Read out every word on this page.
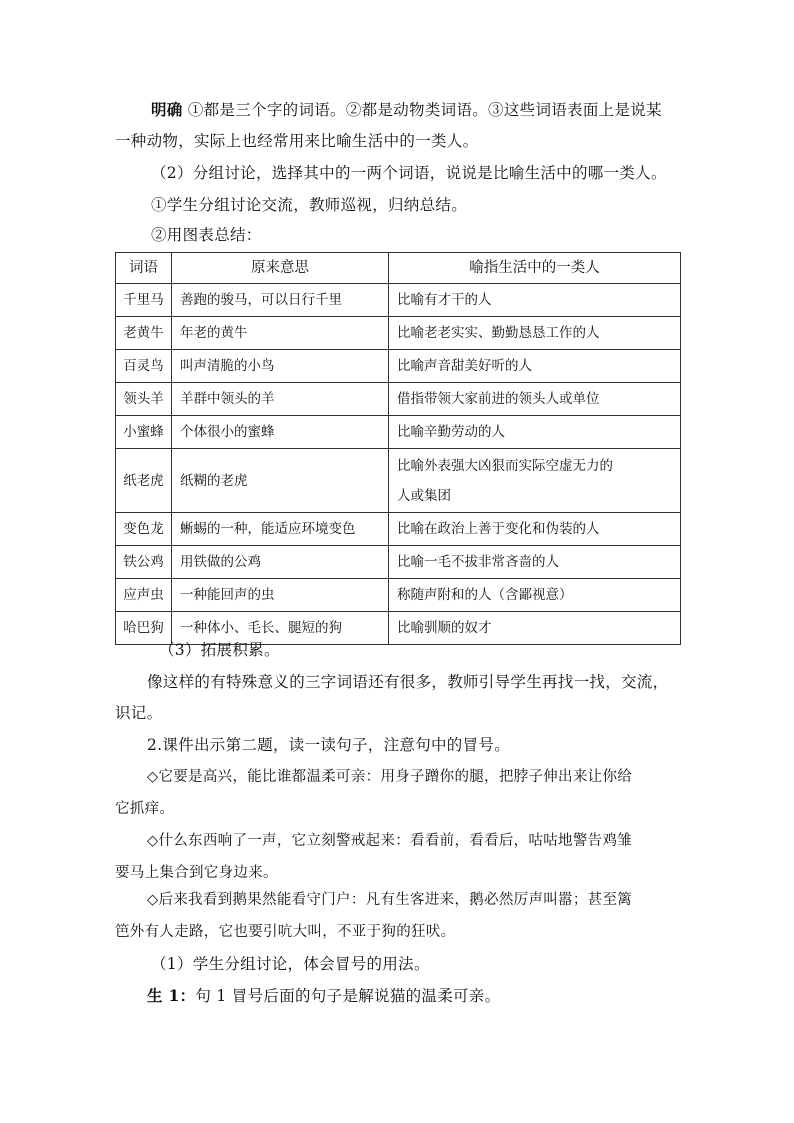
明确 ①都是三个字的词语。②都是动物类词语。③这些词语表面上是说某
一种动物，实际上也经常用来比喻生活中的一类人。

（2）分组讨论，选择其中的一两个词语，说说是比喻生活中的哪一类人。

①学生分组讨论交流，教师巡视，归纳总结。

②用图表总结：

词语	原来意思	喻指生活中的一类人
千里马	善跑的骏马，可以日行千里	比喻有才干的人
老黄牛	年老的黄牛	比喻老老实实、勤勤恳恳工作的人
百灵鸟	叫声清脆的小鸟	比喻声音甜美好听的人
领头羊	羊群中领头的羊	借指带领大家前进的领头人或单位
小蜜蜂	个体很小的蜜蜂	比喻辛勤劳动的人
纸老虎	纸糊的老虎	比喻外表强大凶狠而实际空虚无力的
人或集团
变色龙	蜥蜴的一种，能适应环境变色	比喻在政治上善于变化和伪装的人
铁公鸡	用铁做的公鸡	比喻一毛不拔非常吝啬的人
应声虫	一种能回声的虫	称随声附和的人（含鄙视意）
哈巴狗	一种体小、毛长、腿短的狗	比喻驯顺的奴才

（3）拓展积累。

像这样的有特殊意义的三字词语还有很多，教师引导学生再找一找，交流，
识记。

2.课件出示第二题，读一读句子，注意句中的冒号。

◇它要是高兴，能比谁都温柔可亲：用身子蹭你的腿，把脖子伸出来让你给
它抓痒。

◇什么东西响了一声，它立刻警戒起来：看看前，看看后，咕咕地警告鸡雏
要马上集合到它身边来。

◇后来我看到鹅果然能看守门户：凡有生客进来，鹅必然厉声叫嚣；甚至篱
笆外有人走路，它也要引吭大叫，不亚于狗的狂吠。

（1）学生分组讨论，体会冒号的用法。

生 1：句 1 冒号后面的句子是解说猫的温柔可亲。
